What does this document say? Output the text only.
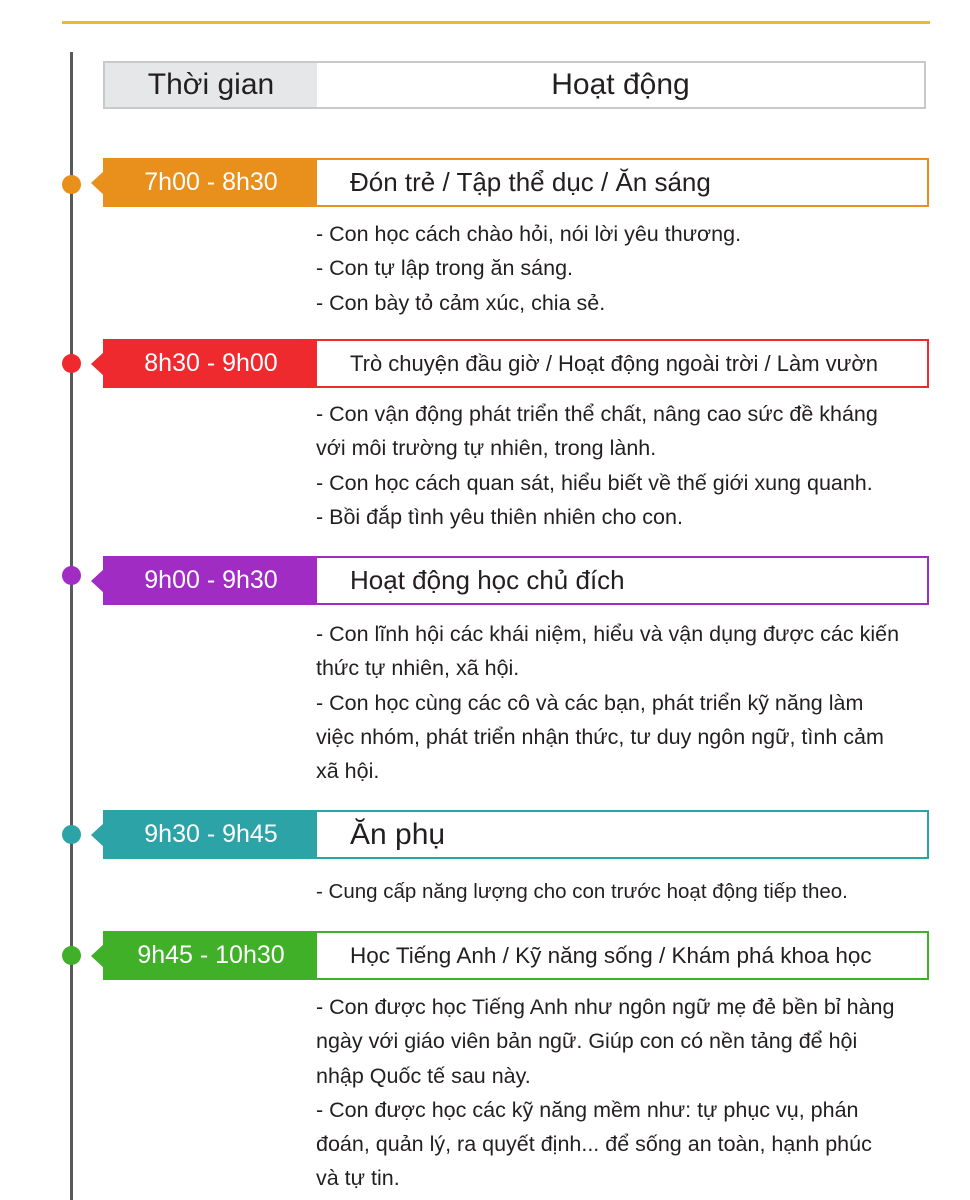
Thời gian	Hoạt động
7h00 - 8h30	Đón trẻ / Tập thể dục / Ăn sáng
- Con học cách chào hỏi, nói lời yêu thương.
- Con tự lập trong ăn sáng.
- Con bày tỏ cảm xúc, chia sẻ.
8h30 - 9h00	Trò chuyện đầu giờ / Hoạt động ngoài trời / Làm vườn
- Con vận động phát triển thể chất, nâng cao sức đề kháng
với môi trường tự nhiên, trong lành.
- Con học cách quan sát, hiểu biết về thế giới xung quanh.
- Bồi đắp tình yêu thiên nhiên cho con.
9h00 - 9h30	Hoạt động học chủ đích
- Con lĩnh hội các khái niệm, hiểu và vận dụng được các kiến
thức tự nhiên, xã hội.
- Con học cùng các cô và các bạn, phát triển kỹ năng làm
việc nhóm, phát triển nhận thức, tư duy ngôn ngữ, tình cảm
xã hội.
9h30 - 9h45	Ăn phụ
- Cung cấp năng lượng cho con trước hoạt động tiếp theo.
9h45 - 10h30	Học Tiếng Anh / Kỹ năng sống / Khám phá khoa học
- Con được học Tiếng Anh như ngôn ngữ mẹ đẻ bền bỉ hàng
ngày với giáo viên bản ngữ. Giúp con có nền tảng để hội
nhập Quốc tế sau này.
- Con được học các kỹ năng mềm như: tự phục vụ, phán
đoán, quản lý, ra quyết định... để sống an toàn, hạnh phúc
và tự tin.
